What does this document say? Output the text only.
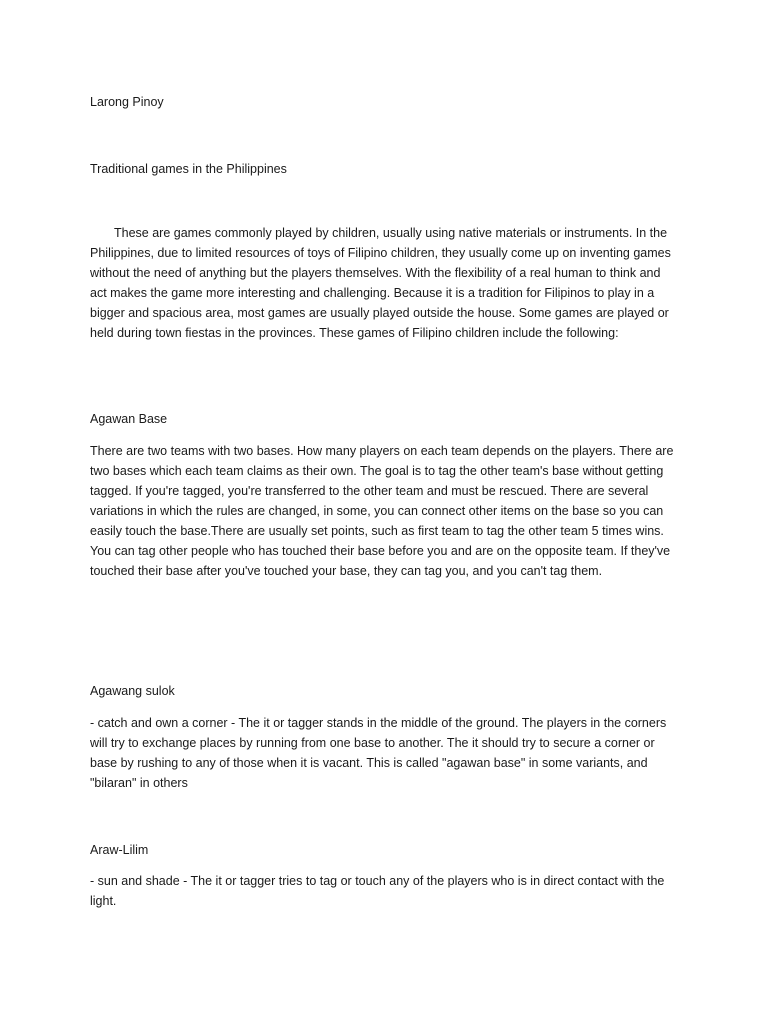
Larong Pinoy

Traditional games in the Philippines

These are games commonly played by children, usually using native materials or instruments. In the Philippines, due to limited resources of toys of Filipino children, they usually come up on inventing games without the need of anything but the players themselves. With the flexibility of a real human to think and act makes the game more interesting and challenging. Because it is a tradition for Filipinos to play in a bigger and spacious area, most games are usually played outside the house. Some games are played or held during town fiestas in the provinces. These games of Filipino children include the following:

Agawan Base

There are two teams with two bases. How many players on each team depends on the players. There are two bases which each team claims as their own. The goal is to tag the other team's base without getting tagged. If you're tagged, you're transferred to the other team and must be rescued. There are several variations in which the rules are changed, in some, you can connect other items on the base so you can easily touch the base.There are usually set points, such as first team to tag the other team 5 times wins. You can tag other people who has touched their base before you and are on the opposite team. If they've touched their base after you've touched your base, they can tag you, and you can't tag them.

Agawang sulok

- catch and own a corner - The it or tagger stands in the middle of the ground. The players in the corners will try to exchange places by running from one base to another. The it should try to secure a corner or base by rushing to any of those when it is vacant. This is called "agawan base" in some variants, and "bilaran" in others

Araw-Lilim

- sun and shade - The it or tagger tries to tag or touch any of the players who is in direct contact with the light.
